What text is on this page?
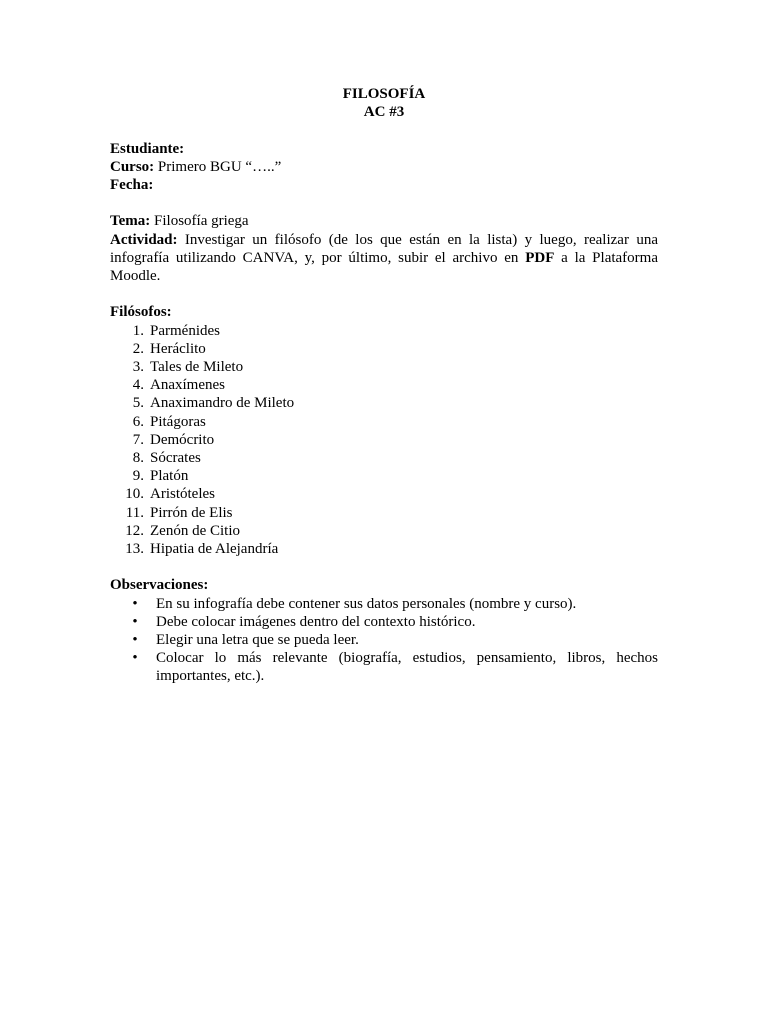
FILOSOFÍA
AC #3
Estudiante:
Curso: Primero BGU “…..”
Fecha:
Tema: Filosofía griega
Actividad: Investigar un filósofo (de los que están en la lista) y luego, realizar una infografía utilizando CANVA, y, por último, subir el archivo en PDF a la Plataforma Moodle.
Filósofos:
1. Parménides
2. Heráclito
3. Tales de Mileto
4. Anaxímenes
5. Anaximandro de Mileto
6. Pitágoras
7. Demócrito
8. Sócrates
9. Platón
10. Aristóteles
11. Pirrón de Elis
12. Zenón de Citio
13. Hipatia de Alejandría
Observaciones:
•	En su infografía debe contener sus datos personales (nombre y curso).
•	Debe colocar imágenes dentro del contexto histórico.
•	Elegir una letra que se pueda leer.
•	Colocar lo más relevante (biografía, estudios, pensamiento, libros, hechos importantes, etc.).
